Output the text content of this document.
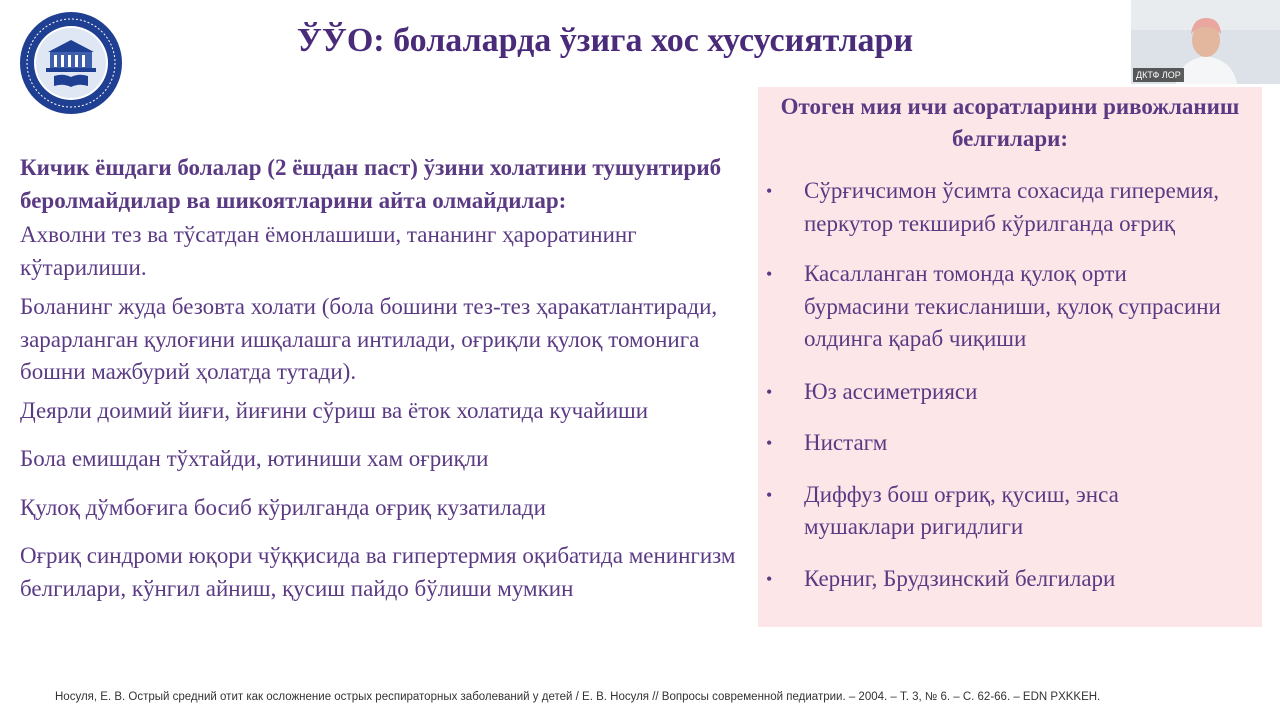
ЎЎО: болаларда ўзига хос хусусиятлари
ДКТФ ЛОР

Кичик ёшдаги болалар (2 ёшдан паст) ўзини холатини тушунтириб беролмайдилар ва шикоятларини айта олмайдилар:

Ахволни тез ва тўсатдан ёмонлашиши, тананинг ҳароратининг кўтарилиши.

Боланинг жуда безовта холати (бола бошини тез-тез ҳаракатлантиради, зарарланган қулоғини ишқалашга интилади, оғриқли қулоқ томонига бошни мажбурий ҳолатда тутади).

Деярли доимий йиғи, йиғини сўриш ва ёток холатида кучайиши

Бола емишдан тўхтайди, ютиниши хам оғриқли

Қулоқ дўмбоғига босиб кўрилганда оғриқ кузатилади

Оғриқ синдроми юқори чўққисида ва гипертермия оқибатида менингизм белгилари, кўнгил айниш, қусиш пайдо бўлиши мумкин

Отоген мия ичи асоратларини ривожланиш белгилари:
• Сўрғичсимон ўсимта сохасида гиперемия, перкутор текшириб кўрилганда оғриқ
• Касалланган томонда қулоқ орти бурмасини текисланиши, қулоқ супрасини олдинга қараб чиқиши
• Юз ассиметрияси
• Нистагм
• Диффуз бош оғриқ, қусиш, энса мушаклари ригидлиги
• Керниг, Брудзинский белгилари
Носуля, Е. В. Острый средний отит как осложнение острых респираторных заболеваний у детей / Е. В. Носуля // Вопросы современной педиатрии. – 2004. – Т. 3, № 6. – С. 62-66. – EDN PXKKEH.
